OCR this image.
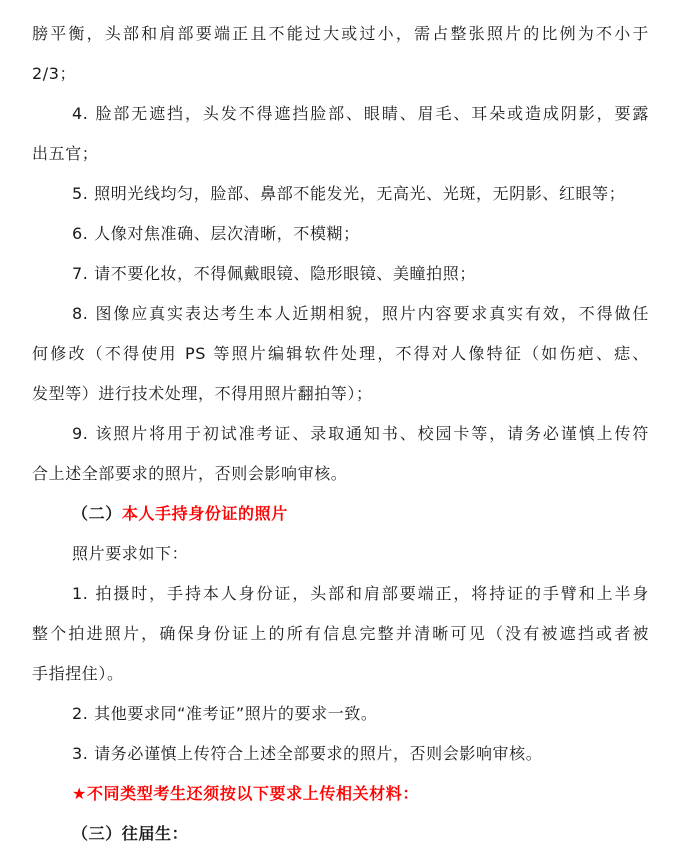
膀平衡，头部和肩部要端正且不能过大或过小，需占整张照片的比例为不小于
2/3；
4. 脸部无遮挡，头发不得遮挡脸部、眼睛、眉毛、耳朵或造成阴影，要露
出五官；
5. 照明光线均匀，脸部、鼻部不能发光，无高光、光斑，无阴影、红眼等；
6. 人像对焦准确、层次清晰，不模糊；
7. 请不要化妆，不得佩戴眼镜、隐形眼镜、美瞳拍照；
8. 图像应真实表达考生本人近期相貌，照片内容要求真实有效，不得做任
何修改（不得使用 PS 等照片编辑软件处理，不得对人像特征（如伤疤、痣、
发型等）进行技术处理，不得用照片翻拍等）；
9. 该照片将用于初试准考证、录取通知书、校园卡等，请务必谨慎上传符
合上述全部要求的照片，否则会影响审核。
（二）本人手持身份证的照片
照片要求如下：
1. 拍摄时，手持本人身份证，头部和肩部要端正，将持证的手臂和上半身
整个拍进照片，确保身份证上的所有信息完整并清晰可见（没有被遮挡或者被
手指捏住）。
2. 其他要求同“准考证”照片的要求一致。
3. 请务必谨慎上传符合上述全部要求的照片，否则会影响审核。
★不同类型考生还须按以下要求上传相关材料：
（三）往届生：
